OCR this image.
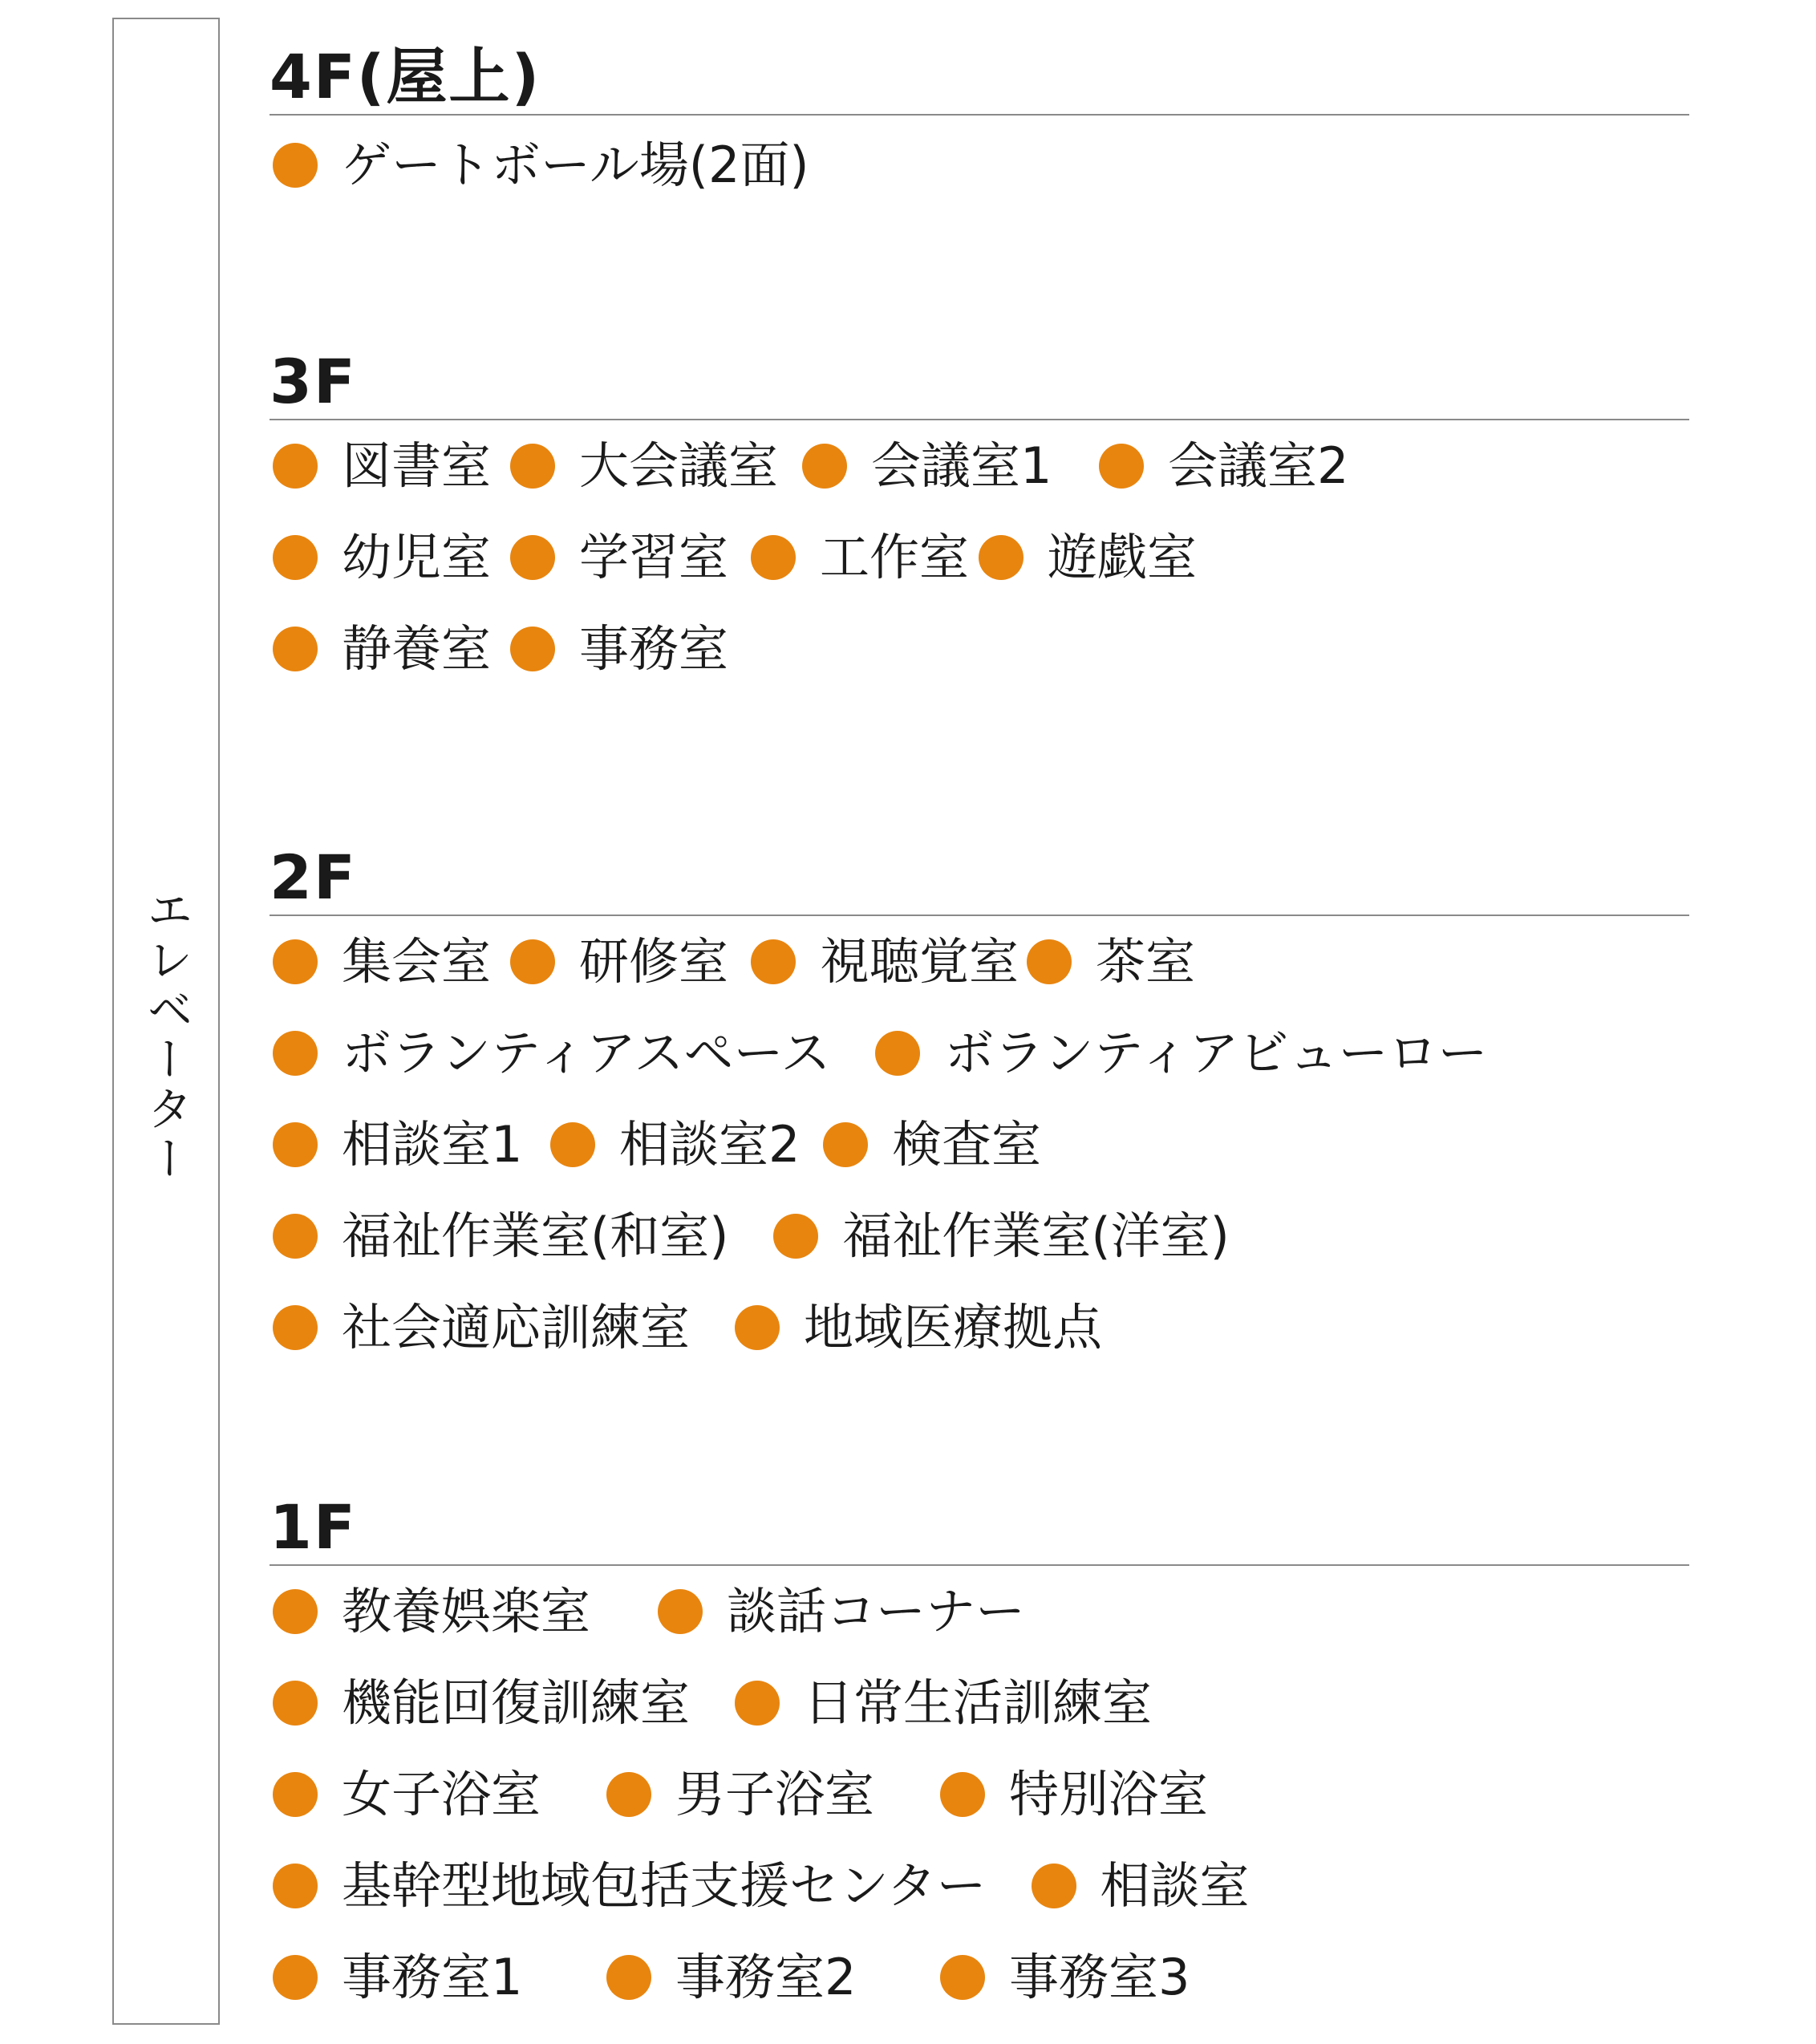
エレベーター
4F(屋上)
ゲートボール場(2面)
3F
図書室 大会議室 会議室1 会議室2
幼児室 学習室 工作室 遊戯室
静養室 事務室
2F
集会室 研修室 視聴覚室 茶室
ボランティアスペース ボランティアビューロー
相談室1 相談室2 検査室
福祉作業室(和室) 福祉作業室(洋室)
社会適応訓練室 地域医療拠点
1F
教養娯楽室	談話コーナー
機能回復訓練室 日常生活訓練室
女子浴室	男子浴室	特別浴室
基幹型地域包括支援センター 相談室
事務室1	事務室2	事務室3
